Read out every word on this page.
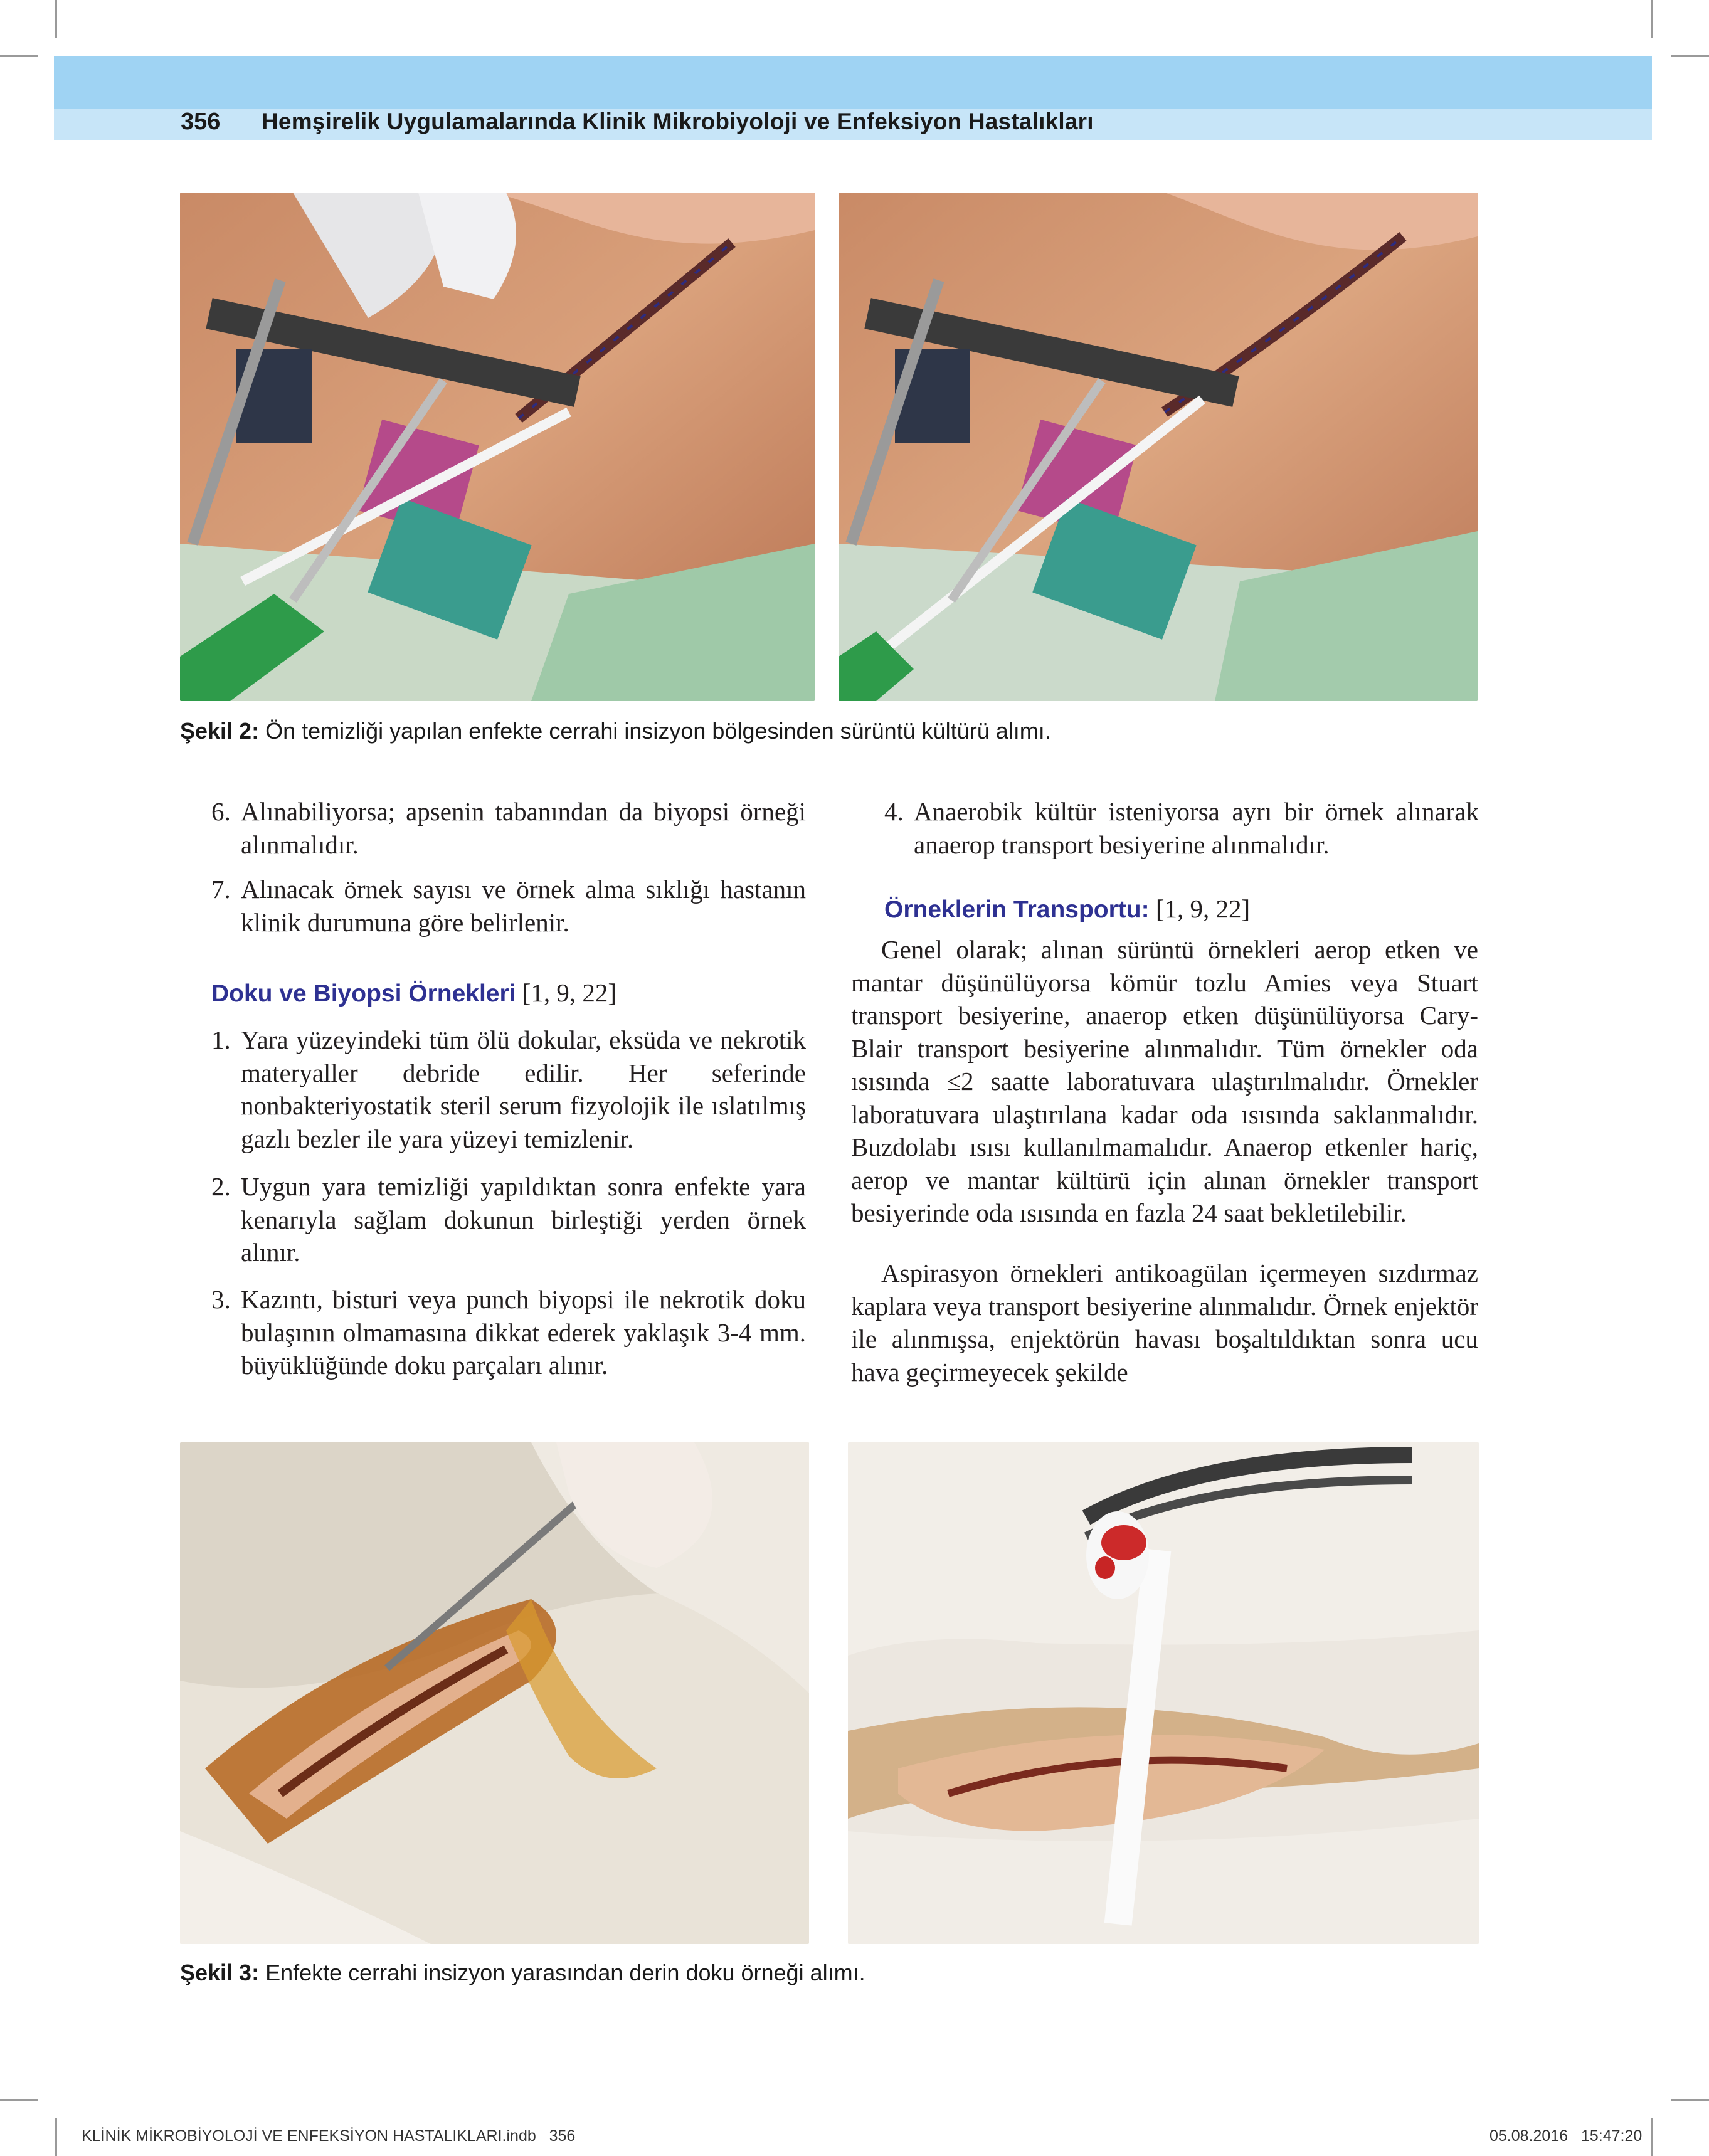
356 Hemşirelik Uygulamalarında Klinik Mikrobiyoloji ve Enfeksiyon Hastalıkları
Şekil 2: Ön temizliği yapılan enfekte cerrahi insizyon bölgesinden sürüntü kültürü alımı.
6. Alınabiliyorsa; apsenin tabanından da biyopsi örneği alınmalıdır.
7. Alınacak örnek sayısı ve örnek alma sıklığı hastanın klinik durumuna göre belirlenir.
Doku ve Biyopsi Örnekleri [1, 9, 22]
1. Yara yüzeyindeki tüm ölü dokular, eksüda ve nekrotik materyaller debride edilir. Her seferinde nonbakteriyostatik steril serum fizyolojik ile ıslatılmış gazlı bezler ile yara yüzeyi temizlenir.
2. Uygun yara temizliği yapıldıktan sonra enfekte yara kenarıyla sağlam dokunun birleştiği yerden örnek alınır.
3. Kazıntı, bisturi veya punch biyopsi ile nekrotik doku bulaşının olmamasına dikkat ederek yaklaşık 3-4 mm. büyüklüğünde doku parçaları alınır.
4. Anaerobik kültür isteniyorsa ayrı bir örnek alınarak anaerop transport besiyerine alınmalıdır.
Örneklerin Transportu: [1, 9, 22]

Genel olarak; alınan sürüntü örnekleri aerop etken ve mantar düşünülüyorsa kömür tozlu Amies veya Stuart transport besiyerine, anaerop etken düşünülüyorsa Cary-Blair transport besiyerine alınmalıdır. Tüm örnekler oda ısısında ≤2 saatte laboratuvara ulaştırılmalıdır. Örnekler laboratuvara ulaştırılana kadar oda ısısında saklanmalıdır. Buzdolabı ısısı kullanılmamalıdır. Anaerop etkenler hariç, aerop ve mantar kültürü için alınan örnekler transport besiyerinde oda ısısında en fazla 24 saat bekletilebilir.

Aspirasyon örnekleri antikoagülan içermeyen sızdırmaz kaplara veya transport besiyerine alınmalıdır. Örnek enjektör ile alınmışsa, enjektörün havası boşaltıldıktan sonra ucu hava geçirmeyecek şekilde

Şekil 3: Enfekte cerrahi insizyon yarasından derin doku örneği alımı.
KLİNİK MİKROBİYOLOJİ VE ENFEKSİYON HASTALIKLARI.indb   356	05.08.2016   15:47:20
